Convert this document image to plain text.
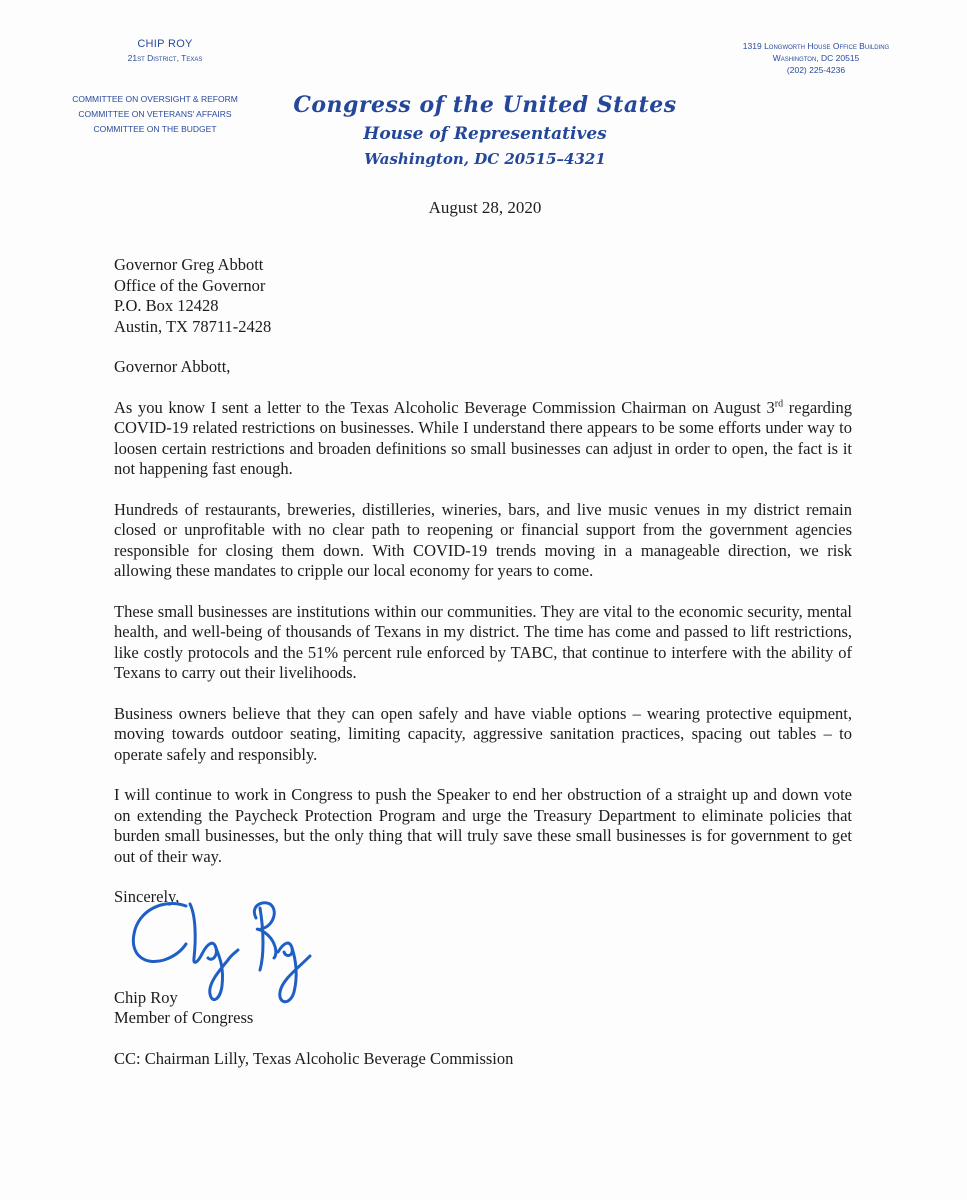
CHIP ROY
21st District, Texas
COMMITTEE ON OVERSIGHT & REFORM
COMMITTEE ON VETERANS' AFFAIRS
COMMITTEE ON THE BUDGET
1319 Longworth House Office Building
Washington, DC 20515
(202) 225-4236
Congress of the United States
House of Representatives
Washington, DC 20515–4321
August 28, 2020
Governor Greg Abbott
Office of the Governor
P.O. Box 12428
Austin, TX 78711-2428
Governor Abbott,
As you know I sent a letter to the Texas Alcoholic Beverage Commission Chairman on August 3rd regarding COVID-19 related restrictions on businesses. While I understand there appears to be some efforts under way to loosen certain restrictions and broaden definitions so small businesses can adjust in order to open, the fact is it not happening fast enough.
Hundreds of restaurants, breweries, distilleries, wineries, bars, and live music venues in my district remain closed or unprofitable with no clear path to reopening or financial support from the government agencies responsible for closing them down. With COVID-19 trends moving in a manageable direction, we risk allowing these mandates to cripple our local economy for years to come.
These small businesses are institutions within our communities. They are vital to the economic security, mental health, and well-being of thousands of Texans in my district. The time has come and passed to lift restrictions, like costly protocols and the 51% percent rule enforced by TABC, that continue to interfere with the ability of Texans to carry out their livelihoods.
Business owners believe that they can open safely and have viable options – wearing protective equipment, moving towards outdoor seating, limiting capacity, aggressive sanitation practices, spacing out tables – to operate safely and responsibly.
I will continue to work in Congress to push the Speaker to end her obstruction of a straight up and down vote on extending the Paycheck Protection Program and urge the Treasury Department to eliminate policies that burden small businesses, but the only thing that will truly save these small businesses is for government to get out of their way.
Sincerely,
Chip Roy
Member of Congress
CC: Chairman Lilly, Texas Alcoholic Beverage Commission
